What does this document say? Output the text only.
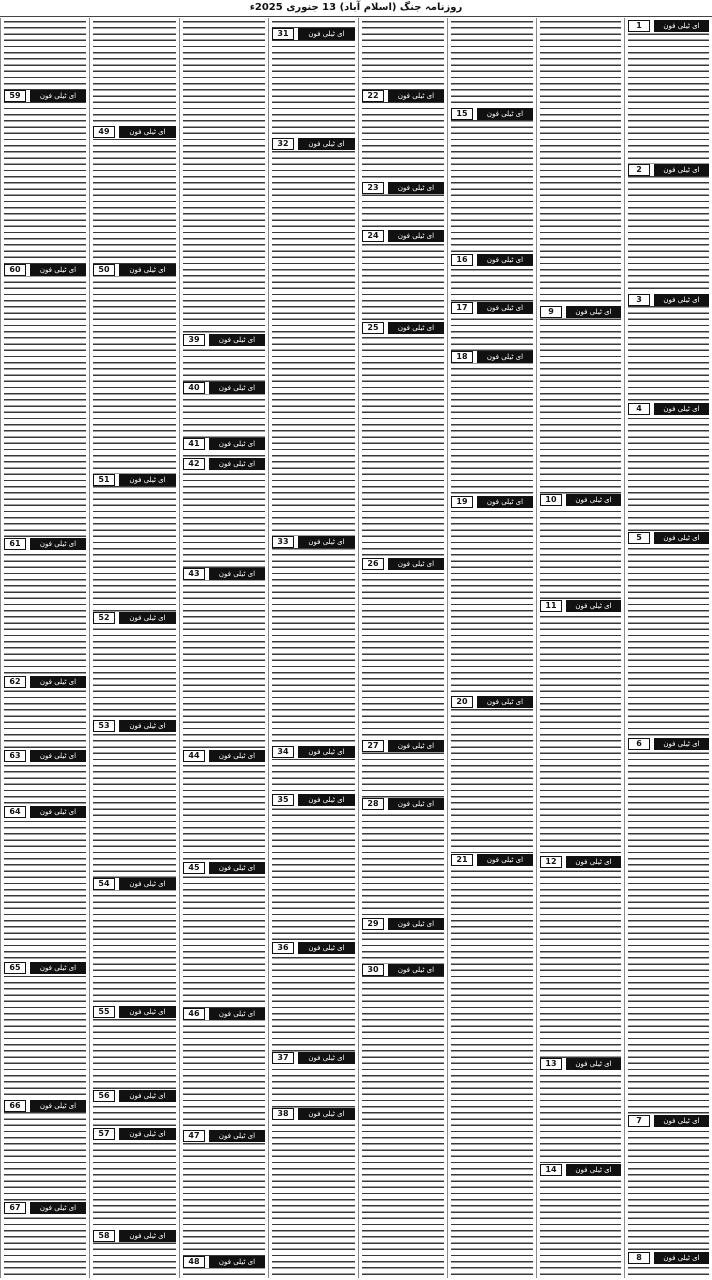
روزنامہ جنگ (اسلام آباد) 13 جنوری 2025ء
ای ٹیلی فون
1
ای ٹیلی فون
2
ای ٹیلی فون
3
ای ٹیلی فون
4
ای ٹیلی فون
5
ای ٹیلی فون
6
ای ٹیلی فون
7
ای ٹیلی فون
8
ای ٹیلی فون
9
ای ٹیلی فون
10
ای ٹیلی فون
11
ای ٹیلی فون
12
ای ٹیلی فون
13
ای ٹیلی فون
14
ای ٹیلی فون
15
ای ٹیلی فون
16
ای ٹیلی فون
17
ای ٹیلی فون
18
ای ٹیلی فون
19
ای ٹیلی فون
20
ای ٹیلی فون
21
ای ٹیلی فون
22
ای ٹیلی فون
23
ای ٹیلی فون
24
ای ٹیلی فون
25
ای ٹیلی فون
26
ای ٹیلی فون
27
ای ٹیلی فون
28
ای ٹیلی فون
29
ای ٹیلی فون
30
ای ٹیلی فون
31
ای ٹیلی فون
32
ای ٹیلی فون
33
ای ٹیلی فون
34
ای ٹیلی فون
35
ای ٹیلی فون
36
ای ٹیلی فون
37
ای ٹیلی فون
38
ای ٹیلی فون
39
ای ٹیلی فون
40
ای ٹیلی فون
41
ای ٹیلی فون
42
ای ٹیلی فون
43
ای ٹیلی فون
44
ای ٹیلی فون
45
ای ٹیلی فون
46
ای ٹیلی فون
47
ای ٹیلی فون
48
ای ٹیلی فون
49
ای ٹیلی فون
50
ای ٹیلی فون
51
ای ٹیلی فون
52
ای ٹیلی فون
53
ای ٹیلی فون
54
ای ٹیلی فون
55
ای ٹیلی فون
56
ای ٹیلی فون
57
ای ٹیلی فون
58
ای ٹیلی فون
59
ای ٹیلی فون
60
ای ٹیلی فون
61
ای ٹیلی فون
62
ای ٹیلی فون
63
ای ٹیلی فون
64
ای ٹیلی فون
65
ای ٹیلی فون
66
ای ٹیلی فون
67
